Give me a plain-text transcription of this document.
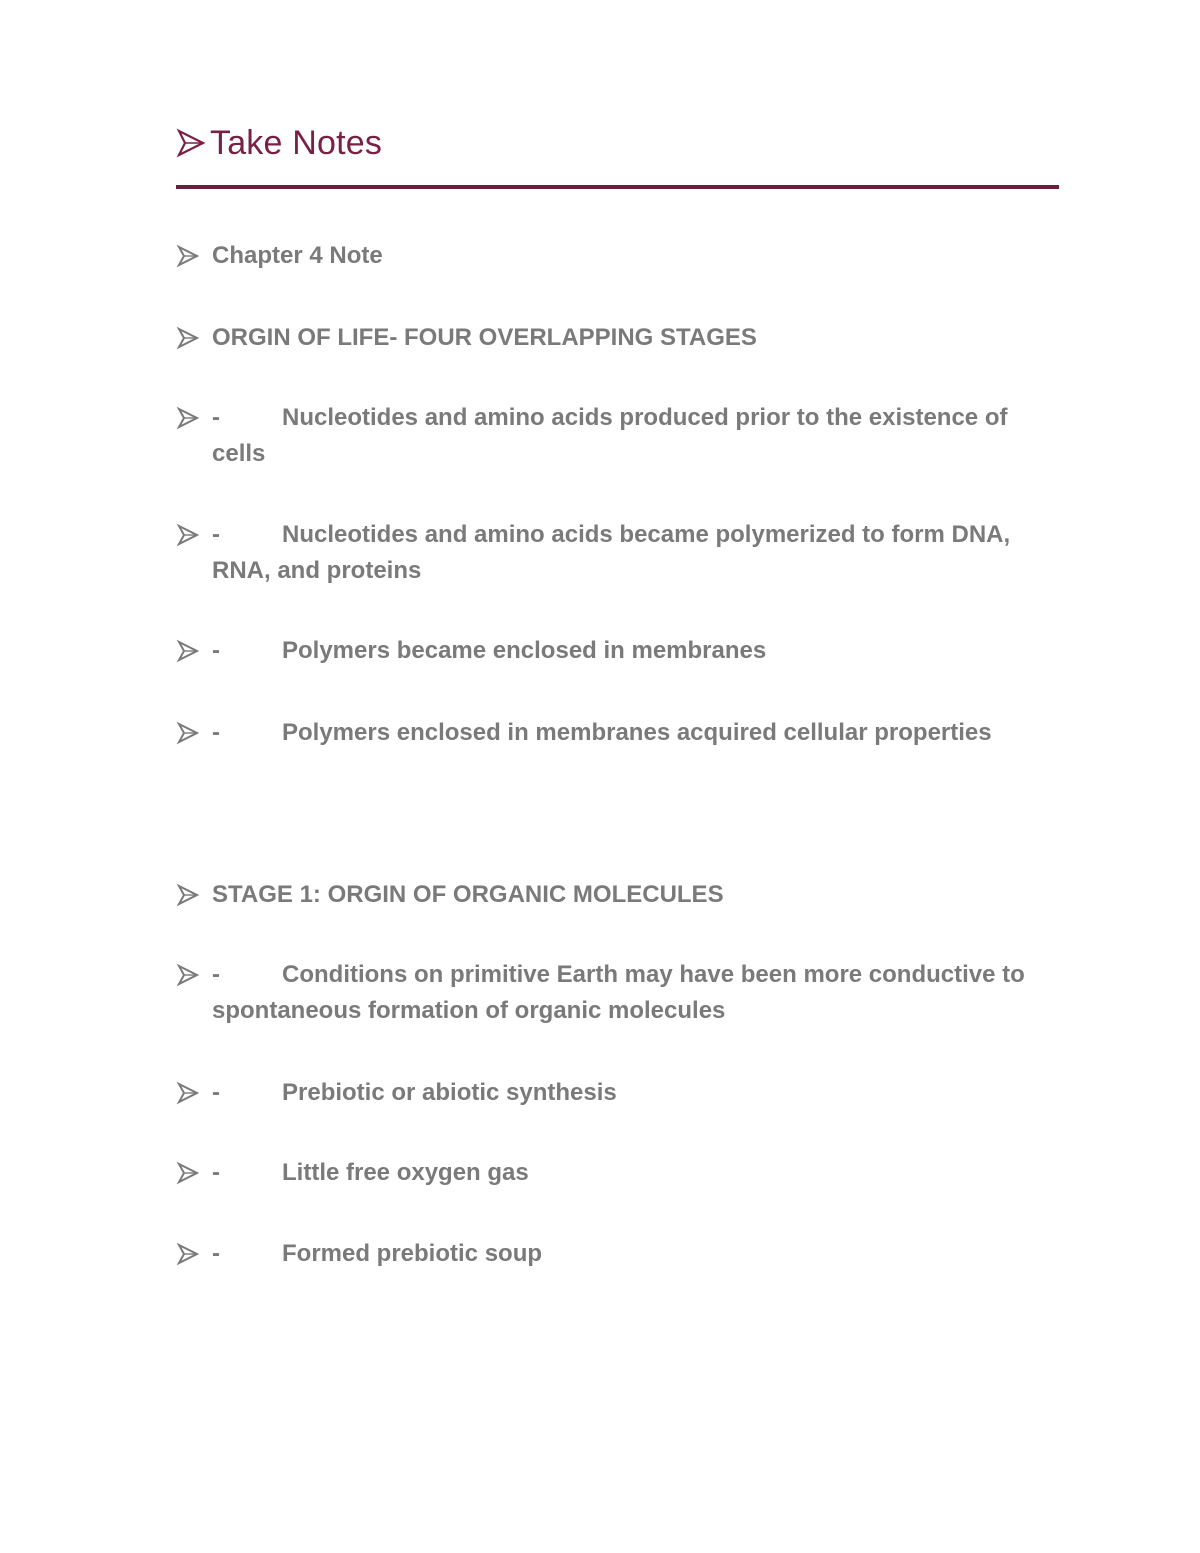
Take Notes
Chapter 4 Note
ORGIN OF LIFE- FOUR OVERLAPPING STAGES
-	Nucleotides and amino acids produced prior to the existence of cells
-	Nucleotides and amino acids became polymerized to form DNA, RNA, and proteins
-	Polymers became enclosed in membranes
-	Polymers enclosed in membranes acquired cellular properties
STAGE 1: ORGIN OF ORGANIC MOLECULES
-	Conditions on primitive Earth may have been more conductive to spontaneous formation of organic molecules
-	Prebiotic or abiotic synthesis
-	Little free oxygen gas
-	Formed prebiotic soup
